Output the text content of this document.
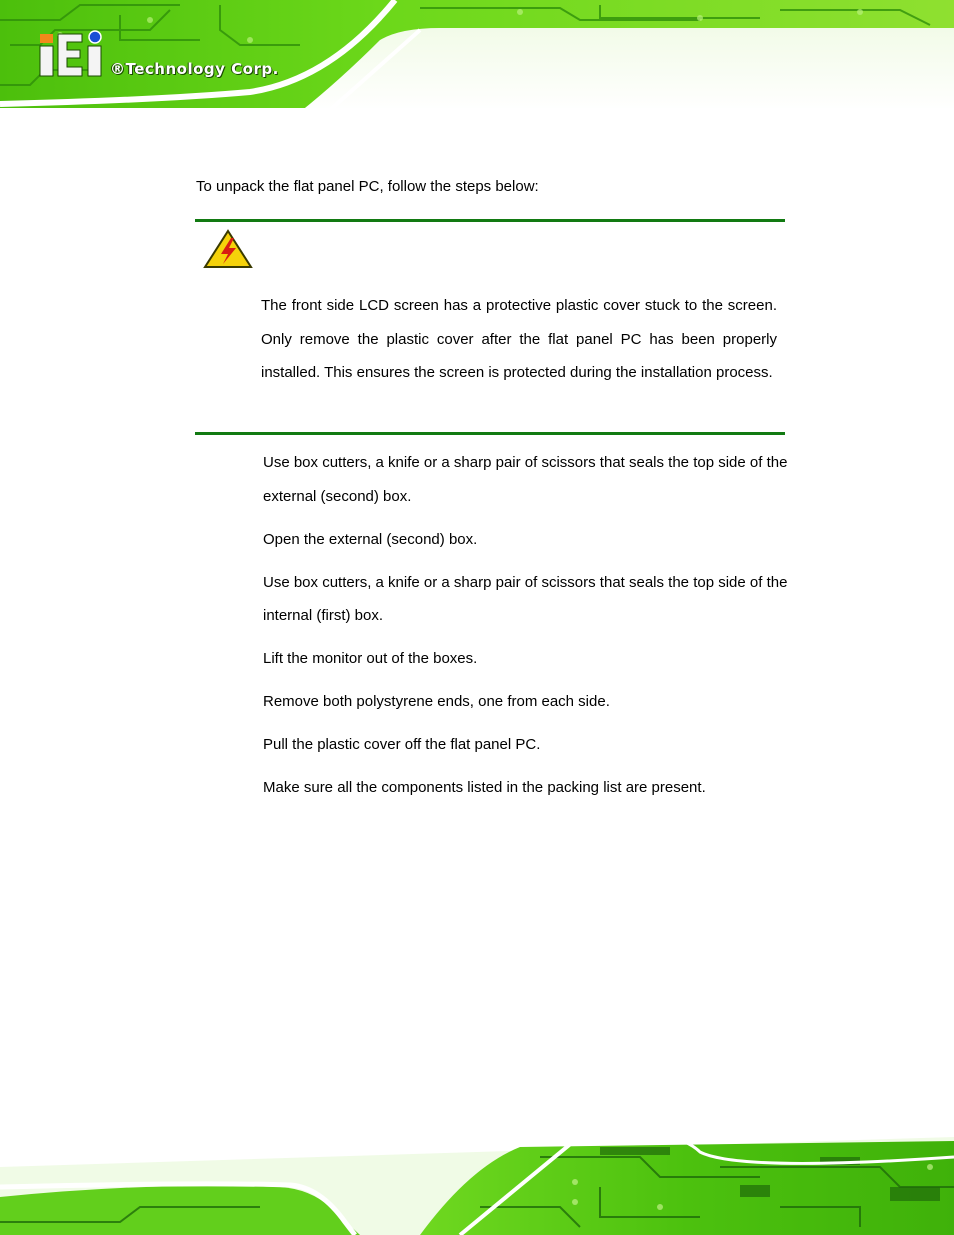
®Technology Corp.
To unpack the flat panel PC, follow the steps below:
The front side LCD screen has a protective plastic cover stuck to the screen. Only remove the plastic cover after the flat panel PC has been properly installed. This ensures the screen is protected during the installation process.
Use box cutters, a knife or a sharp pair of scissors that seals the top side of the external (second) box.
Open the external (second) box.
Use box cutters, a knife or a sharp pair of scissors that seals the top side of the internal (first) box.
Lift the monitor out of the boxes.
Remove both polystyrene ends, one from each side.
Pull the plastic cover off the flat panel PC.
Make sure all the components listed in the packing list are present.
